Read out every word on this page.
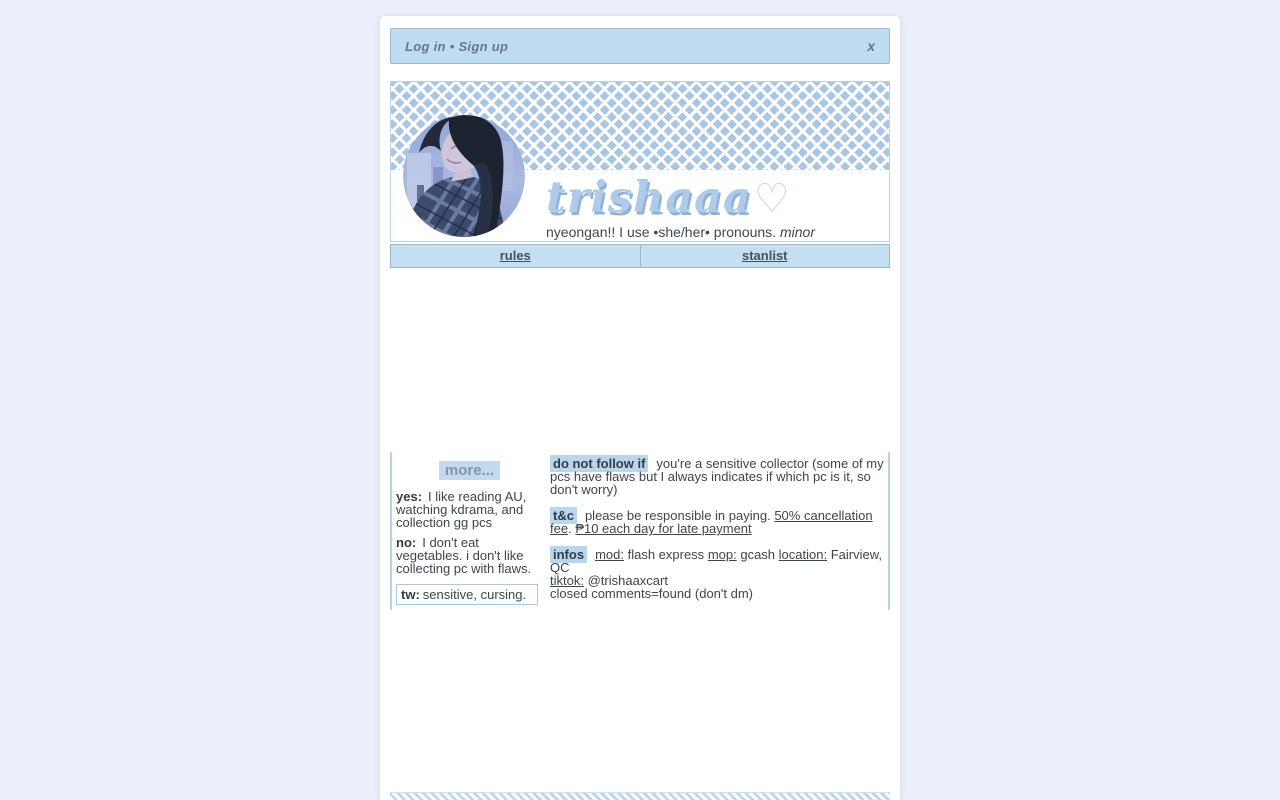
Log in • Sign up	x
trishaaa♡
nyeongan!! I use •she/her• pronouns. minor
rules	stanlist
more...

yes: I like reading AU, watching kdrama, and collection gg pcs

no: I don't eat vegetables. i don't like collecting pc with flaws.

tw: sensitive, cursing.
do not follow if you're a sensitive collector (some of my pcs have flaws but I always indicates if which pc is it, so don't worry)
t&c please be responsible in paying. 50% cancellation fee. ₱10 each day for late payment
infos mod: flash express mop: gcash location: Fairview, QC
tiktok: @trishaaxcart
closed comments=found (don't dm)
